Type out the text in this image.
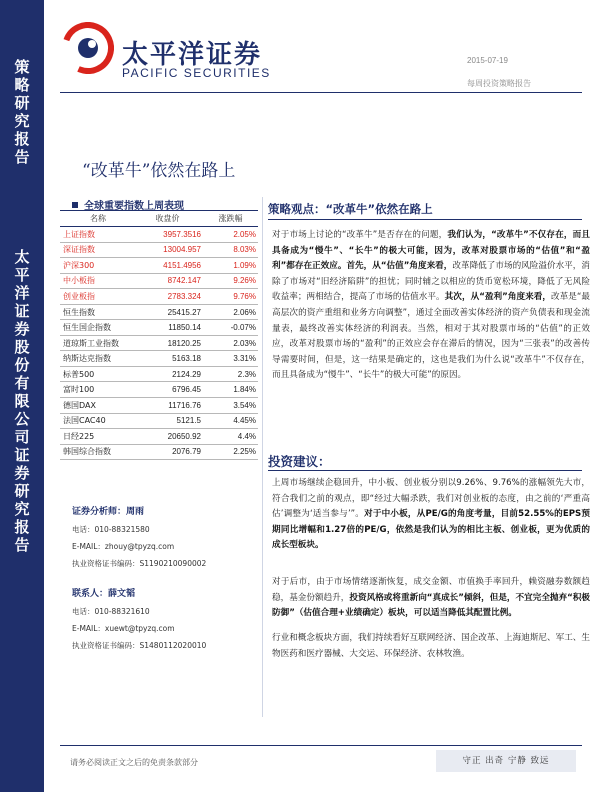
策
略
研
究
报
告
太
平
洋
证
券
股
份
有
限
公
司
证
券
研
究
报
告
太平洋证券
PACIFIC SECURITIES
2015-07-19
每周投资策略报告
“改革牛”依然在路上
全球重要指数上周表现
名称	收盘价	涨跌幅
上证指数	3957.3516	2.05%
深证指数	13004.957	8.03%
沪深300	4151.4956	1.09%
中小板指	8742.147	9.26%
创业板指	2783.324	9.76%
恒生指数	25415.27	2.06%
恒生国企指数	11850.14	-0.07%
道琼斯工业指数	18120.25	2.03%
纳斯达克指数	5163.18	3.31%
标普500	2124.29	2.3%
富时100	6796.45	1.84%
德国DAX	11716.76	3.54%
法国CAC40	5121.5	4.45%
日经225	20650.92	4.4%
韩国综合指数	2076.79	2.25%
证券分析师：周雨
电话：010-88321580
E-MAIL：zhouy@tpyzq.com
执业资格证书编码：S1190210090002
联系人：薛文韬
电话：010-88321610
E-MAIL：xuewt@tpyzq.com
执业资格证书编码：S1480112020010
策略观点：“改革牛”依然在路上
对于市场上讨论的“改革牛”是否存在的问题，我们认为，“改革牛”不仅存在，而且具备成为“慢牛”、“长牛”的极大可能，因为，改革对股票市场的“估值”和“盈利”都存在正效应。首先，从“估值”角度来看，改革降低了市场的风险溢价水平，消除了市场对“旧经济陷阱”的担忧；同时辅之以相应的货币宽松环境，降低了无风险收益率；两相结合，提高了市场的估值水平。其次，从“盈利”角度来看，改革是“最高层次的资产重组和业务方向调整”，通过全面改善实体经济的资产负债表和现金流量表，最终改善实体经济的利润表。当然，相对于其对股票市场的“估值”的正效应，改革对股票市场的“盈利”的正效应会存在滞后的情况，因为“三张表”的改善传导需要时间，但是，这一结果是确定的，这也是我们为什么说“改革牛”不仅存在，而且具备成为“慢牛”、“长牛”的极大可能”的原因。
投资建议：
上周市场继续企稳回升，中小板、创业板分别以9.26%、9.76%的涨幅领先大市，符合我们之前的观点，即“经过大幅杀跌，我们对创业板的态度，由之前的‘严重高估’调整为‘适当参与’”。对于中小板，从PE/G的角度考量，目前52.55%的EPS预期同比增幅和1.27倍的PE/G，依然是我们认为的相比主板、创业板，更为优质的成长型板块。
对于后市，由于市场情绪逐渐恢复，成交金额、市值换手率回升，赖资融券数额趋稳，基金份额趋升，投资风格或将重新向“真成长”倾斜，但是，不宜完全抛弃“积极防御”（估值合理+业绩确定）板块，可以适当降低其配置比例。
行业和概念板块方面，我们持续看好互联网经济、国企改革、上海迪斯尼、军工、生物医药和医疗器械、大交运、环保经济、农林牧渔。
请务必阅读正文之后的免责条款部分	守正 出奇 宁静 致远
